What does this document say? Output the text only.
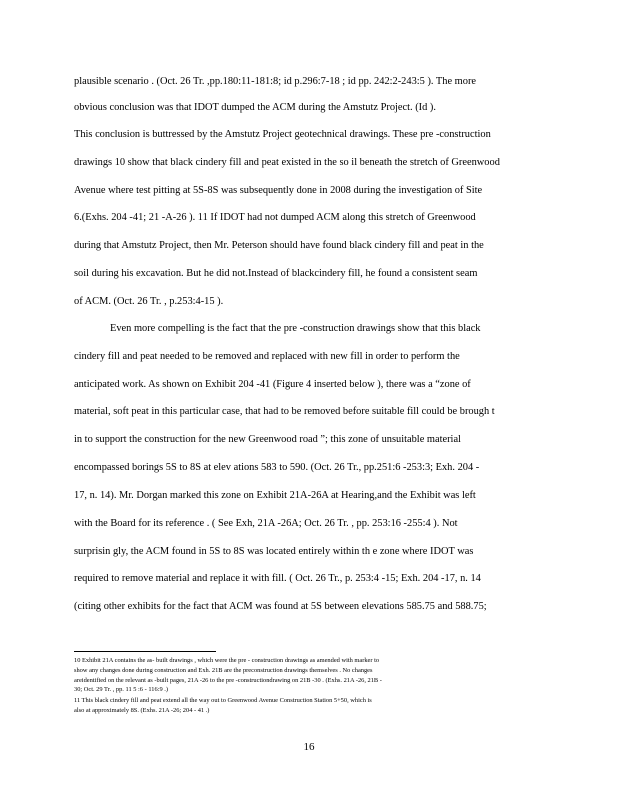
plausible scenario . (Oct. 26 Tr. ,pp.180:11-181:8; id p.296:7-18 ; id pp. 242:2-243:5 ). The more
obvious conclusion was that IDOT dumped the ACM during the Amstutz Project. (Id ).
This conclusion is buttressed by the Amstutz Project geotechnical drawings. These pre -construction
drawings 10 show that black cindery fill and peat existed in the so il beneath the stretch of Greenwood
Avenue where test pitting at 5S-8S was subsequently done in 2008 during the investigation of Site
6.(Exhs. 204 -41; 21 -A-26 ). 11 If IDOT had not dumped ACM along this stretch of Greenwood
during that Amstutz Project, then Mr. Peterson should have found black cindery fill and peat in the
soil during his excavation. But he did not.Instead of blackcindery fill, he found a consistent seam
of ACM. (Oct. 26 Tr. , p.253:4-15 ).
Even more compelling is the fact that the pre -construction drawings show that this black
cindery fill and peat needed to be removed and replaced with new fill in order to perform the
anticipated work. As shown on Exhibit 204 -41 (Figure 4 inserted below ), there was a “zone of
material, soft peat in this particular case, that had to be removed before suitable fill could be brough t
in to support the construction for the new Greenwood road ”; this zone of unsuitable material
encompassed borings 5S to 8S at elev ations 583 to 590. (Oct. 26 Tr., pp.251:6 -253:3; Exh. 204 -
17, n. 14). Mr. Dorgan marked this zone on Exhibit 21A-26A at Hearing,and the Exhibit was left
with the Board for its reference . ( See Exh, 21A -26A; Oct. 26 Tr. , pp. 253:16 -255:4 ). Not
surprisin gly, the ACM found in 5S to 8S was located entirely within th e zone where IDOT was
required to remove material and replace it with fill. ( Oct. 26 Tr., p. 253:4 -15; Exh. 204 -17, n. 14
(citing other exhibits for the fact that ACM was found at 5S between elevations 585.75 and 588.75;
10 Exhibit 21A contains the as- built drawings , which were the pre - construction drawings as amended with marker to
show any changes done during construction and Exh. 21B are the preconstruction drawings themselves . No changes
areidentified on the relevant as -built pages, 21A -26 to the pre -constructiondrawing on 21B -30 . (Exhs. 21A -26, 21B -
30; Oct. 29 Tr. , pp. 11 5 :6 - 116:9 .)
11 This black cindery fill and peat extend all the way out to Greenwood Avenue Construction Station 5+50, which is
also at approximately 8S. (Exhs. 21A -26; 204 - 41 .)
16
